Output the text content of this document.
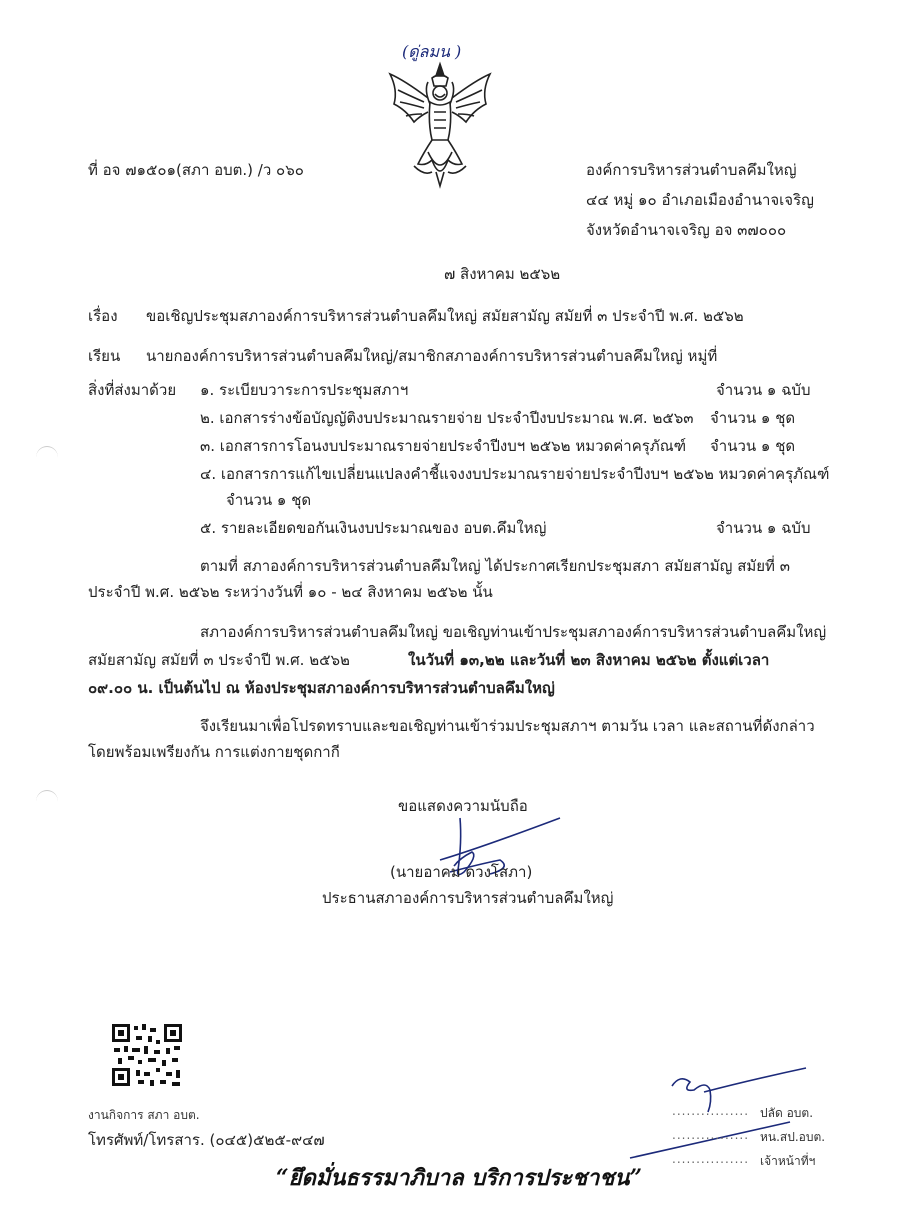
(ดู่ลมน )
ที่ อจ ๗๑๕๐๑(สภา อบต.) /ว ๐๖๐	องค์การบริหารส่วนตำบลคึมใหญ่
๔๔ หมู่ ๑๐ อำเภอเมืองอำนาจเจริญ
จังหวัดอำนาจเจริญ อจ ๓๗๐๐๐
๗ สิงหาคม ๒๕๖๒
เรื่อง ขอเชิญประชุมสภาองค์การบริหารส่วนตำบลคึมใหญ่ สมัยสามัญ สมัยที่ ๓ ประจำปี พ.ศ. ๒๕๖๒
เรียน นายกองค์การบริหารส่วนตำบลคึมใหญ่/สมาชิกสภาองค์การบริหารส่วนตำบลคึมใหญ่ หมู่ที่
สิ่งที่ส่งมาด้วย ๑. ระเบียบวาระการประชุมสภาฯ	จำนวน ๑ ฉบับ
๒. เอกสารร่างข้อบัญญัติงบประมาณรายจ่าย ประจำปีงบประมาณ พ.ศ. ๒๕๖๓ จำนวน ๑ ชุด
๓. เอกสารการโอนงบประมาณรายจ่ายประจำปีงบฯ ๒๕๖๒ หมวดค่าครุภัณฑ์ จำนวน ๑ ชุด
๔. เอกสารการแก้ไขเปลี่ยนแปลงคำชี้แจงงบประมาณรายจ่ายประจำปีงบฯ ๒๕๖๒ หมวดค่าครุภัณฑ์
จำนวน ๑ ชุด
๕. รายละเอียดขอกันเงินงบประมาณของ อบต.คึมใหญ่	จำนวน ๑ ฉบับ
ตามที่ สภาองค์การบริหารส่วนตำบลคึมใหญ่ ได้ประกาศเรียกประชุมสภา สมัยสามัญ สมัยที่ ๓
ประจำปี พ.ศ. ๒๕๖๒ ระหว่างวันที่ ๑๐ - ๒๔ สิงหาคม ๒๕๖๒ นั้น
สภาองค์การบริหารส่วนตำบลคึมใหญ่ ขอเชิญท่านเข้าประชุมสภาองค์การบริหารส่วนตำบลคึมใหญ่
สมัยสามัญ สมัยที่ ๓ ประจำปี พ.ศ. ๒๕๖๒	ในวันที่ ๑๓,๒๒ และวันที่ ๒๓ สิงหาคม ๒๕๖๒ ตั้งแต่เวลา
๐๙.๐๐ น. เป็นต้นไป ณ ห้องประชุมสภาองค์การบริหารส่วนตำบลคึมใหญ่
จึงเรียนมาเพื่อโปรดทราบและขอเชิญท่านเข้าร่วมประชุมสภาฯ ตามวัน เวลา และสถานที่ดังกล่าว
โดยพร้อมเพรียงกัน การแต่งกายชุดกากี
ขอแสดงความนับถือ
(นายอาคม ดวงโสภา)
ประธานสภาองค์การบริหารส่วนตำบลคึมใหญ่
งานกิจการ สภา อบต.
โทรศัพท์/โทรสาร. (๐๔๕)๕๒๕-๙๔๗
“ยึดมั่นธรรมาภิบาล บริการประชาชน”
................ ปลัด อบต.
................ หน.สป.อบต.
................ เจ้าหน้าที่ฯ
